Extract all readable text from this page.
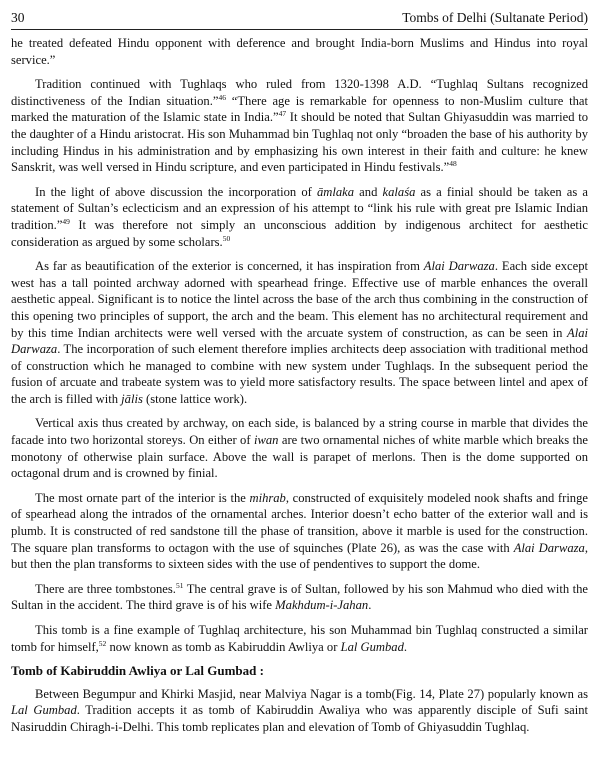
30	Tombs of Delhi (Sultanate Period)

he treated defeated Hindu opponent with deference and brought India-born Muslims and Hindus into royal service.”

Tradition continued with Tughlaqs who ruled from 1320-1398 A.D. “Tughlaq Sultans recognized distinctiveness of the Indian situation.”$^{46}$ “There age is remarkable for openness to non-Muslim culture that marked the maturation of the Islamic state in India.”$^{47}$ It should be noted that Sultan Ghiyasuddin was married to the daughter of a Hindu aristocrat. His son Muhammad bin Tughlaq not only “broaden the base of his authority by including Hindus in his administration and by emphasizing his own interest in their faith and culture: he knew Sanskrit, was well versed in Hindu scripture, and even participated in Hindu festivals.”$^{48}$

In the light of above discussion the incorporation of āmlaka and kalaśa as a finial should be taken as a statement of Sultan’s eclecticism and an expression of his attempt to “link his rule with great pre Islamic Indian tradition.”$^{49}$ It was therefore not simply an unconscious addition by indigenous architect for aesthetic consideration as argued by some scholars.$^{50}$

As far as beautification of the exterior is concerned, it has inspiration from Alai Darwaza. Each side except west has a tall pointed archway adorned with spearhead fringe. Effective use of marble enhances the overall aesthetic appeal. Significant is to notice the lintel across the base of the arch thus combining in the construction of this opening two principles of support, the arch and the beam. This element has no architectural requirement and by this time Indian architects were well versed with the arcuate system of construction, as can be seen in Alai Darwaza. The incorporation of such element therefore implies architects deep association with traditional method of construction which he managed to combine with new system under Tughlaqs. In the subsequent period the fusion of arcuate and trabeate system was to yield more satisfactory results. The space between lintel and apex of the arch is filled with jālis (stone lattice work).

Vertical axis thus created by archway, on each side, is balanced by a string course in marble that divides the facade into two horizontal storeys. On either of iwan are two ornamental niches of white marble which breaks the monotony of otherwise plain surface. Above the wall is parapet of merlons. Then is the dome supported on octagonal drum and is crowned by finial.

The most ornate part of the interior is the mihrab, constructed of exquisitely modeled nook shafts and fringe of spearhead along the intrados of the ornamental arches. Interior doesn’t echo batter of the exterior wall and is plumb. It is constructed of red sandstone till the phase of transition, above it marble is used for the construction. The square plan transforms to octagon with the use of squinches (Plate 26), as was the case with Alai Darwaza, but then the plan transforms to sixteen sides with the use of pendentives to support the dome.

There are three tombstones.$^{51}$ The central grave is of Sultan, followed by his son Mahmud who died with the Sultan in the accident. The third grave is of his wife Makhdum-i-Jahan.

This tomb is a fine example of Tughlaq architecture, his son Muhammad bin Tughlaq constructed a similar tomb for himself,$^{52}$ now known as tomb as Kabiruddin Awliya or Lal Gumbad.

Tomb of Kabiruddin Awliya or Lal Gumbad :

Between Begumpur and Khirki Masjid, near Malviya Nagar is a tomb(Fig. 14, Plate 27) popularly known as Lal Gumbad. Tradition accepts it as tomb of Kabiruddin Awaliya who was apparently disciple of Sufi saint Nasiruddin Chiragh-i-Delhi. This tomb replicates plan and elevation of Tomb of Ghiyasuddin Tughlaq.
